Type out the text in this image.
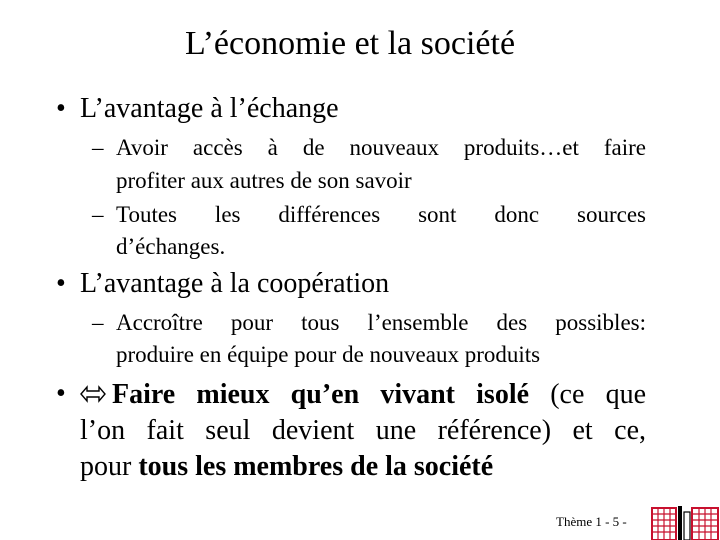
L’économie et la société
• L’avantage à l’échange
– Avoir accès à de nouveaux produits…et faire
profiter aux autres de son savoir
– Toutes les différences sont donc sources
d’échanges.
• L’avantage à la coopération
– Accroître pour tous l’ensemble des possibles:
produire en équipe pour de nouveaux produits
•	Faire mieux qu’en vivant isolé (ce que
l’on fait seul devient une référence) et ce,
pour tous les membres de la société
Thème 1 - 5 -
